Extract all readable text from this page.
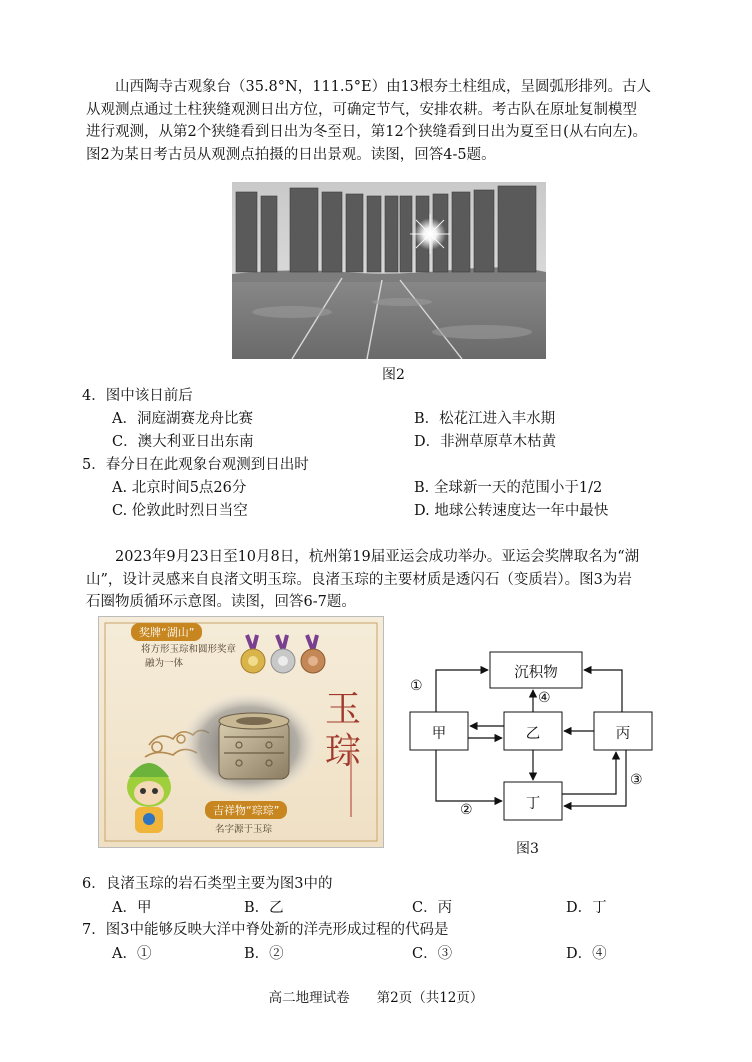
山西陶寺古观象台（35.8°N，111.5°E）由13根夯土柱组成，呈圆弧形排列。古人
从观测点通过土柱狭缝观测日出方位，可确定节气，安排农耕。考古队在原址复制模型
进行观测，从第2个狭缝看到日出为冬至日，第12个狭缝看到日出为夏至日(从右向左)。
图2为某日考古员从观测点拍摄的日出景观。读图，回答4-5题。
图2
4．图中该日前后
A．洞庭湖赛龙舟比赛	B．松花江进入丰水期
C．澳大利亚日出东南	D．非洲草原草木枯黄
5．春分日在此观象台观测到日出时
A. 北京时间5点26分	B. 全球新一天的范围小于1/2
C. 伦敦此时烈日当空	D. 地球公转速度达一年中最快
2023年9月23日至10月8日，杭州第19届亚运会成功举办。亚运会奖牌取名为“湖
山”，设计灵感来自良渚文明玉琮。良渚玉琮的主要材质是透闪石（变质岩）。图3为岩
石圈物质循环示意图。读图，回答6-7题。
奖牌“湖山”
将方形玉琮和圆形奖章
融为一体
玉
琮
吉祥物“琮琮”
名字源于玉琮
沉积物
甲	乙	丙
丁
①
②
③
④
图3
6．良渚玉琮的岩石类型主要为图3中的
A．甲	B．乙	C．丙	D．丁
7．图3中能够反映大洋中脊处新的洋壳形成过程的代码是
A．①	B．②	C．③	D．④
高二地理试卷　　第2页（共12页）
